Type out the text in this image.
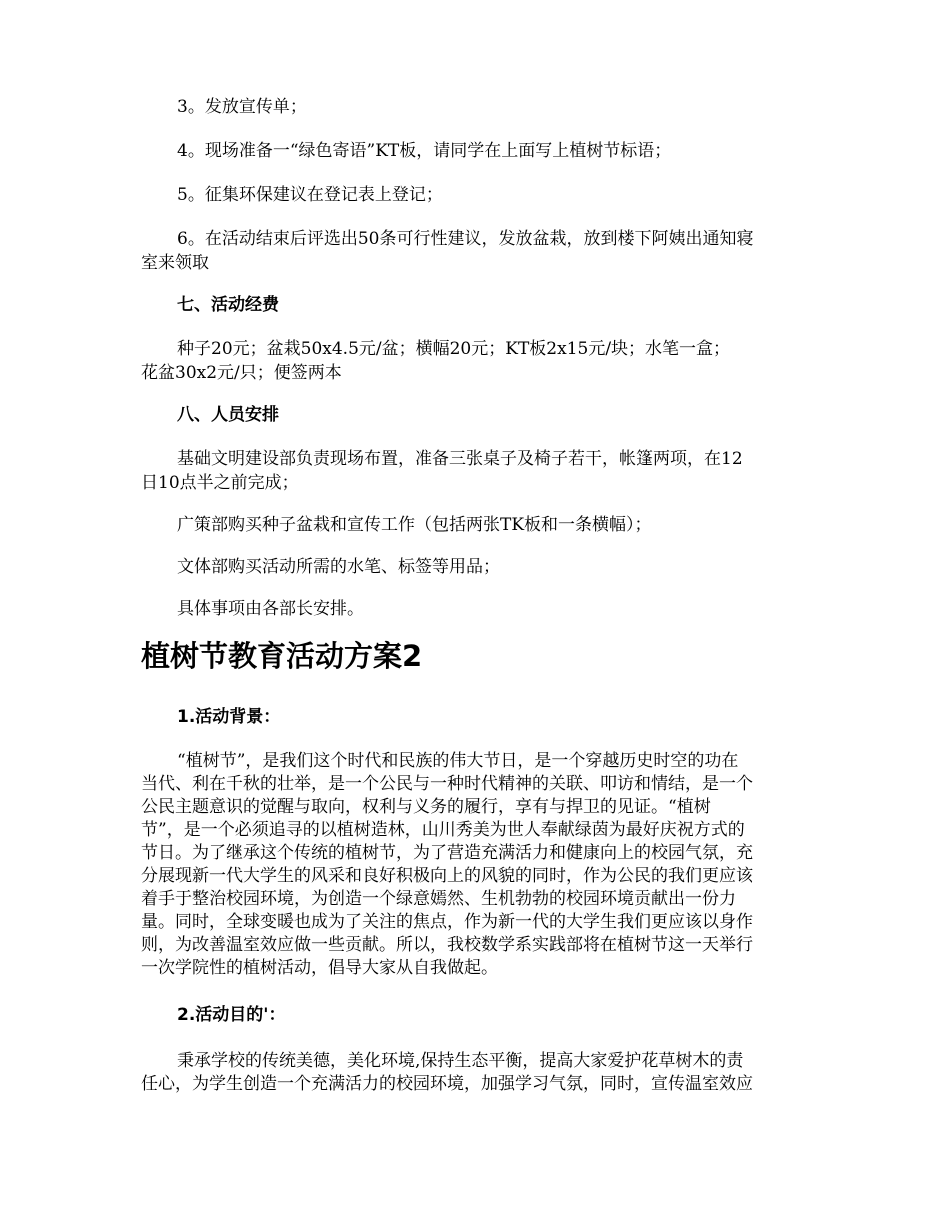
3。发放宣传单；

4。现场准备一“绿色寄语”KT板，请同学在上面写上植树节标语；

5。征集环保建议在登记表上登记；

6。在活动结束后评选出50条可行性建议，发放盆栽，放到楼下阿姨出通知寝

室来领取

七、活动经费

种子20元；盆栽50x4.5元/盆；横幅20元；KT板2x15元/块；水笔一盒；

花盆30x2元/只；便签两本

八、人员安排

基础文明建设部负责现场布置，准备三张桌子及椅子若干，帐篷两项，在12

日10点半之前完成；

广策部购买种子盆栽和宣传工作（包括两张TK板和一条横幅）；

文体部购买活动所需的水笔、标签等用品；

具体事项由各部长安排。

植树节教育活动方案2

1.活动背景：

“植树节”，是我们这个时代和民族的伟大节日，是一个穿越历史时空的功在

当代、利在千秋的壮举，是一个公民与一种时代精神的关联、叩访和情结，是一个

公民主题意识的觉醒与取向，权利与义务的履行，享有与捍卫的见证。“植树

节”，是一个必须追寻的以植树造林，山川秀美为世人奉献绿茵为最好庆祝方式的

节日。为了继承这个传统的植树节，为了营造充满活力和健康向上的校园气氛，充

分展现新一代大学生的风采和良好积极向上的风貌的同时，作为公民的我们更应该

着手于整治校园环境，为创造一个绿意嫣然、生机勃勃的校园环境贡献出一份力

量。同时，全球变暖也成为了关注的焦点，作为新一代的大学生我们更应该以身作

则，为改善温室效应做一些贡献。所以，我校数学系实践部将在植树节这一天举行

一次学院性的植树活动，倡导大家从自我做起。

2.活动目的'：

秉承学校的传统美德，美化环境,保持生态平衡，提高大家爱护花草树木的责

任心，为学生创造一个充满活力的校园环境，加强学习气氛，同时，宣传温室效应
